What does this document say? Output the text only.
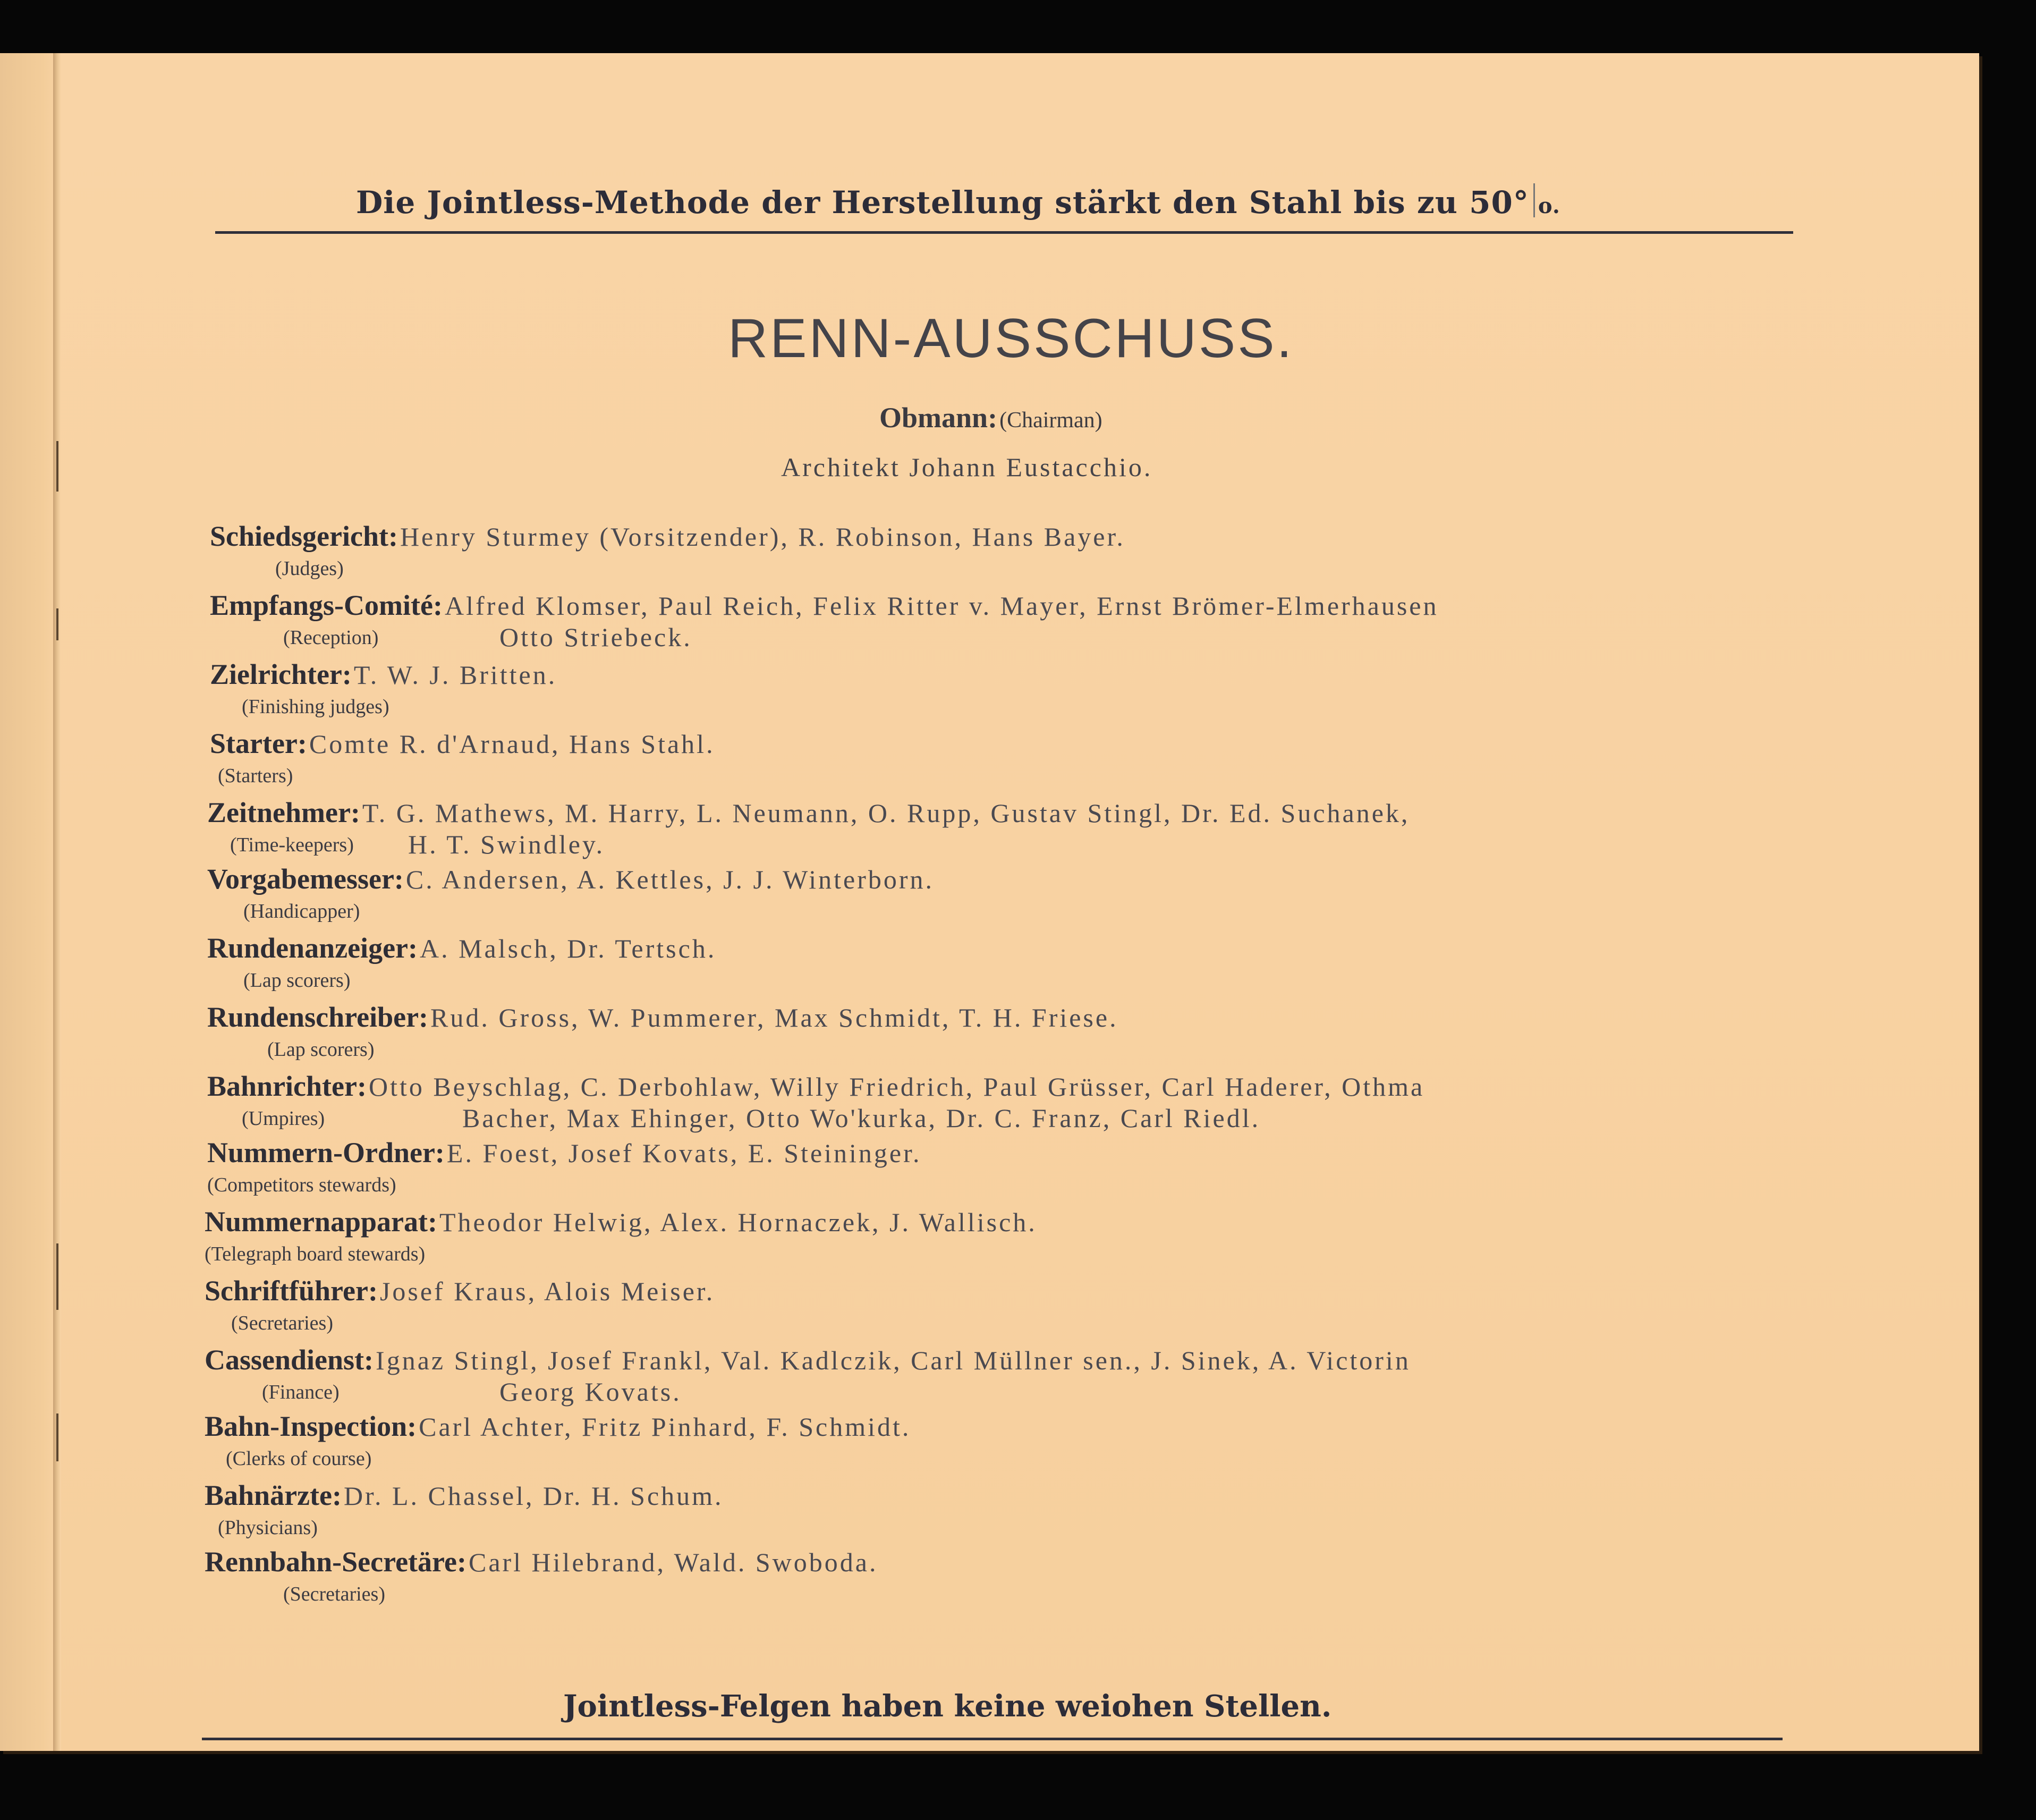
Die Jointless-Methode der Herstellung stärkt den Stahl bis zu 50° o.
RENN-AUSSCHUSS.
Obmann: (Chairman)
Architekt Johann Eustacchio.
Schiedsgericht: Henry Sturmey (Vorsitzender), R. Robinson, Hans Bayer.
(Judges)
Empfangs-Comité: Alfred Klomser, Paul Reich, Felix Ritter v. Mayer, Ernst Brömer-Elmerhausen
(Reception)	Otto Striebeck.
Zielrichter: T. W. J. Britten.
(Finishing judges)
Starter: Comte R. d'Arnaud, Hans Stahl.
(Starters)
Zeitnehmer: T. G. Mathews, M. Harry, L. Neumann, O. Rupp, Gustav Stingl, Dr. Ed. Suchanek,
(Time-keepers) H. T. Swindley.
Vorgabemesser: C. Andersen, A. Kettles, J. J. Winterborn.
(Handicapper)
Rundenanzeiger: A. Malsch, Dr. Tertsch.
(Lap scorers)
Rundenschreiber: Rud. Gross, W. Pummerer, Max Schmidt, T. H. Friese.
(Lap scorers)
Bahnrichter: Otto Beyschlag, C. Derbohlaw, Willy Friedrich, Paul Grüsser, Carl Haderer, Othma
(Umpires)	Bacher, Max Ehinger, Otto Wo'kurka, Dr. C. Franz, Carl Riedl.
Nummern-Ordner: E. Foest, Josef Kovats, E. Steininger.
(Competitors stewards)
Nummernapparat: Theodor Helwig, Alex. Hornaczek, J. Wallisch.
(Telegraph board stewards)
Schriftführer: Josef Kraus, Alois Meiser.
(Secretaries)
Cassendienst: Ignaz Stingl, Josef Frankl, Val. Kadlczik, Carl Müllner sen., J. Sinek, A. Victorin
(Finance)	Georg Kovats.
Bahn-Inspection: Carl Achter, Fritz Pinhard, F. Schmidt.
(Clerks of course)
Bahnärzte: Dr. L. Chassel, Dr. H. Schum.
(Physicians)
Rennbahn-Secretäre: Carl Hilebrand, Wald. Swoboda.
(Secretaries)
Jointless-Felgen haben keine weiohen Stellen.
